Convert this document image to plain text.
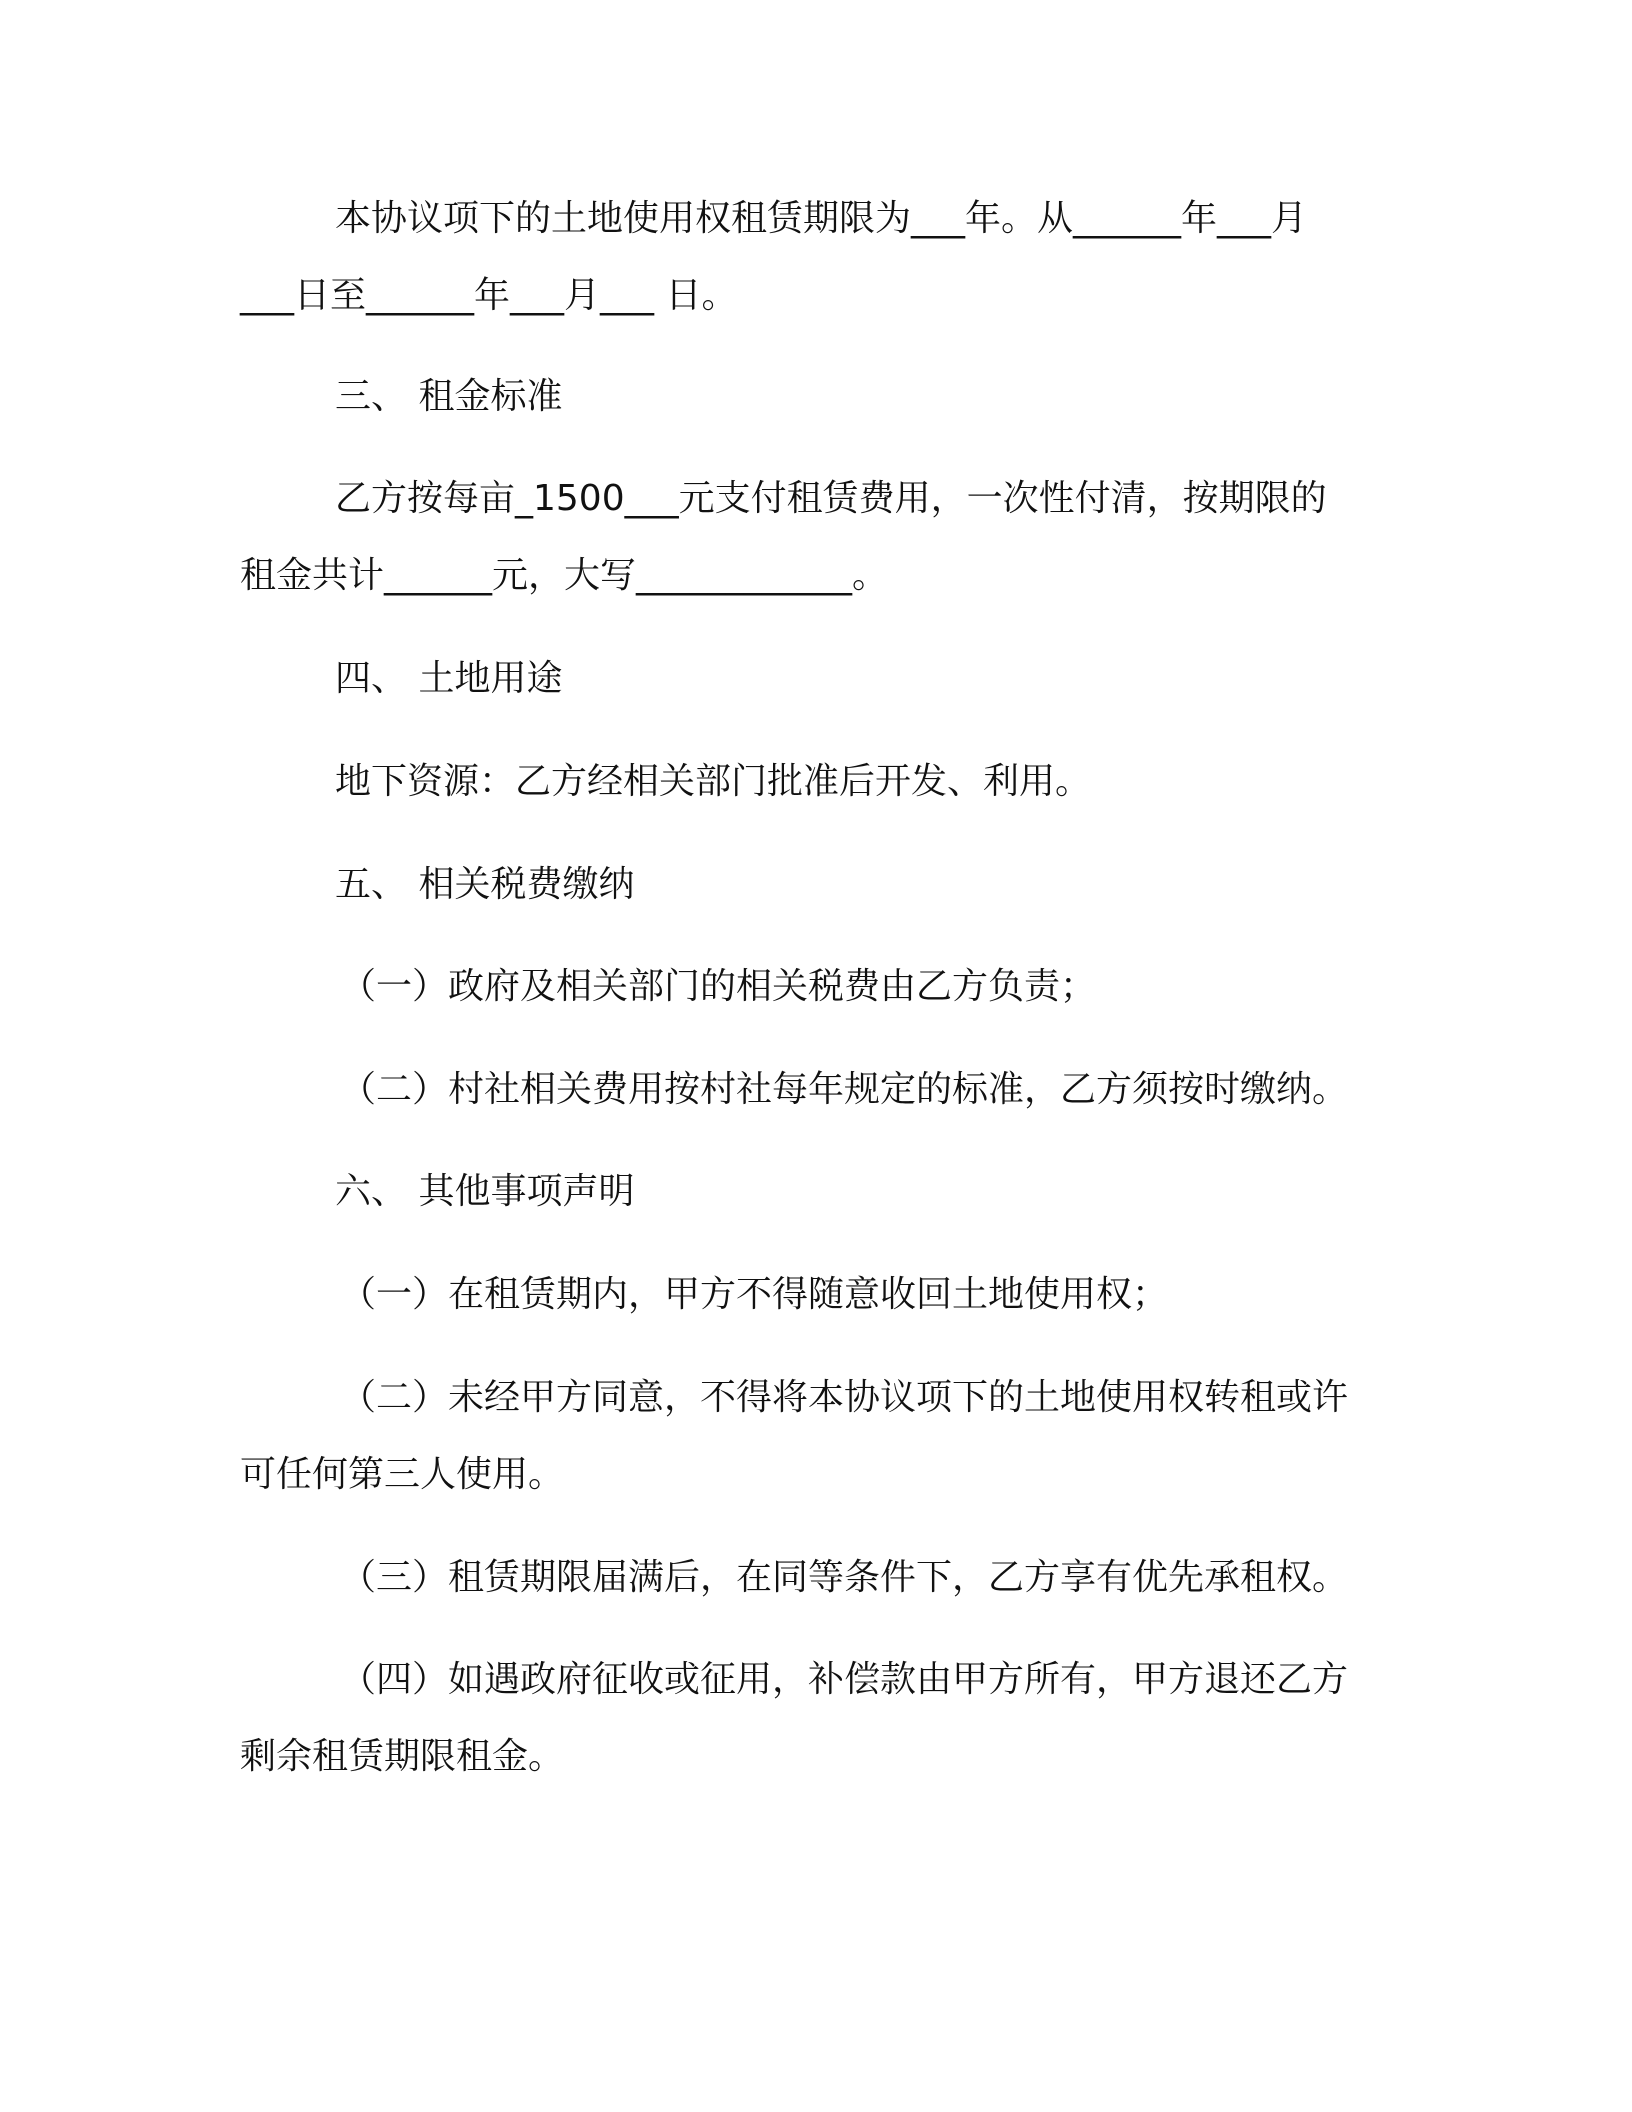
本协议项下的土地使用权租赁期限为___年。从______年___月
___日至______年___月___ 日。
三、 租金标准
乙方按每亩_1500___元支付租赁费用，一次性付清，按期限的
租金共计______元，大写____________。
四、 土地用途
地下资源：乙方经相关部门批准后开发、利用。
五、 相关税费缴纳
（一）政府及相关部门的相关税费由乙方负责；
（二）村社相关费用按村社每年规定的标准，乙方须按时缴纳。
六、 其他事项声明
（一）在租赁期内，甲方不得随意收回土地使用权；
（二）未经甲方同意，不得将本协议项下的土地使用权转租或许
可任何第三人使用。
（三）租赁期限届满后，在同等条件下，乙方享有优先承租权。
（四）如遇政府征收或征用，补偿款由甲方所有，甲方退还乙方
剩余租赁期限租金。
